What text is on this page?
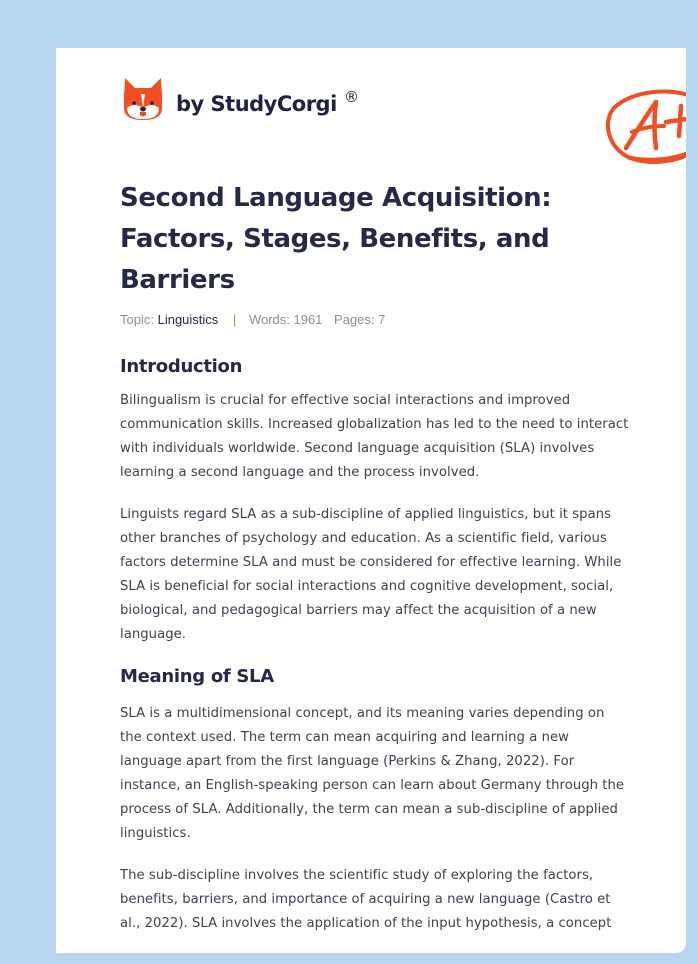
by StudyCorgi ®
Second Language Acquisition: Factors, Stages, Benefits, and Barriers
Topic: Linguistics | Words: 1961 Pages: 7
Introduction

Bilingualism is crucial for effective social interactions and improved communication skills. Increased globalization has led to the need to interact with individuals worldwide. Second language acquisition (SLA) involves learning a second language and the process involved.

Linguists regard SLA as a sub-discipline of applied linguistics, but it spans other branches of psychology and education. As a scientific field, various factors determine SLA and must be considered for effective learning. While SLA is beneficial for social interactions and cognitive development, social, biological, and pedagogical barriers may affect the acquisition of a new language.

Meaning of SLA

SLA is a multidimensional concept, and its meaning varies depending on the context used. The term can mean acquiring and learning a new language apart from the first language (Perkins & Zhang, 2022). For instance, an English-speaking person can learn about Germany through the process of SLA. Additionally, the term can mean a sub-discipline of applied linguistics.

The sub-discipline involves the scientific study of exploring the factors, benefits, barriers, and importance of acquiring a new language (Castro et al., 2022). SLA involves the application of the input hypothesis, a concept
